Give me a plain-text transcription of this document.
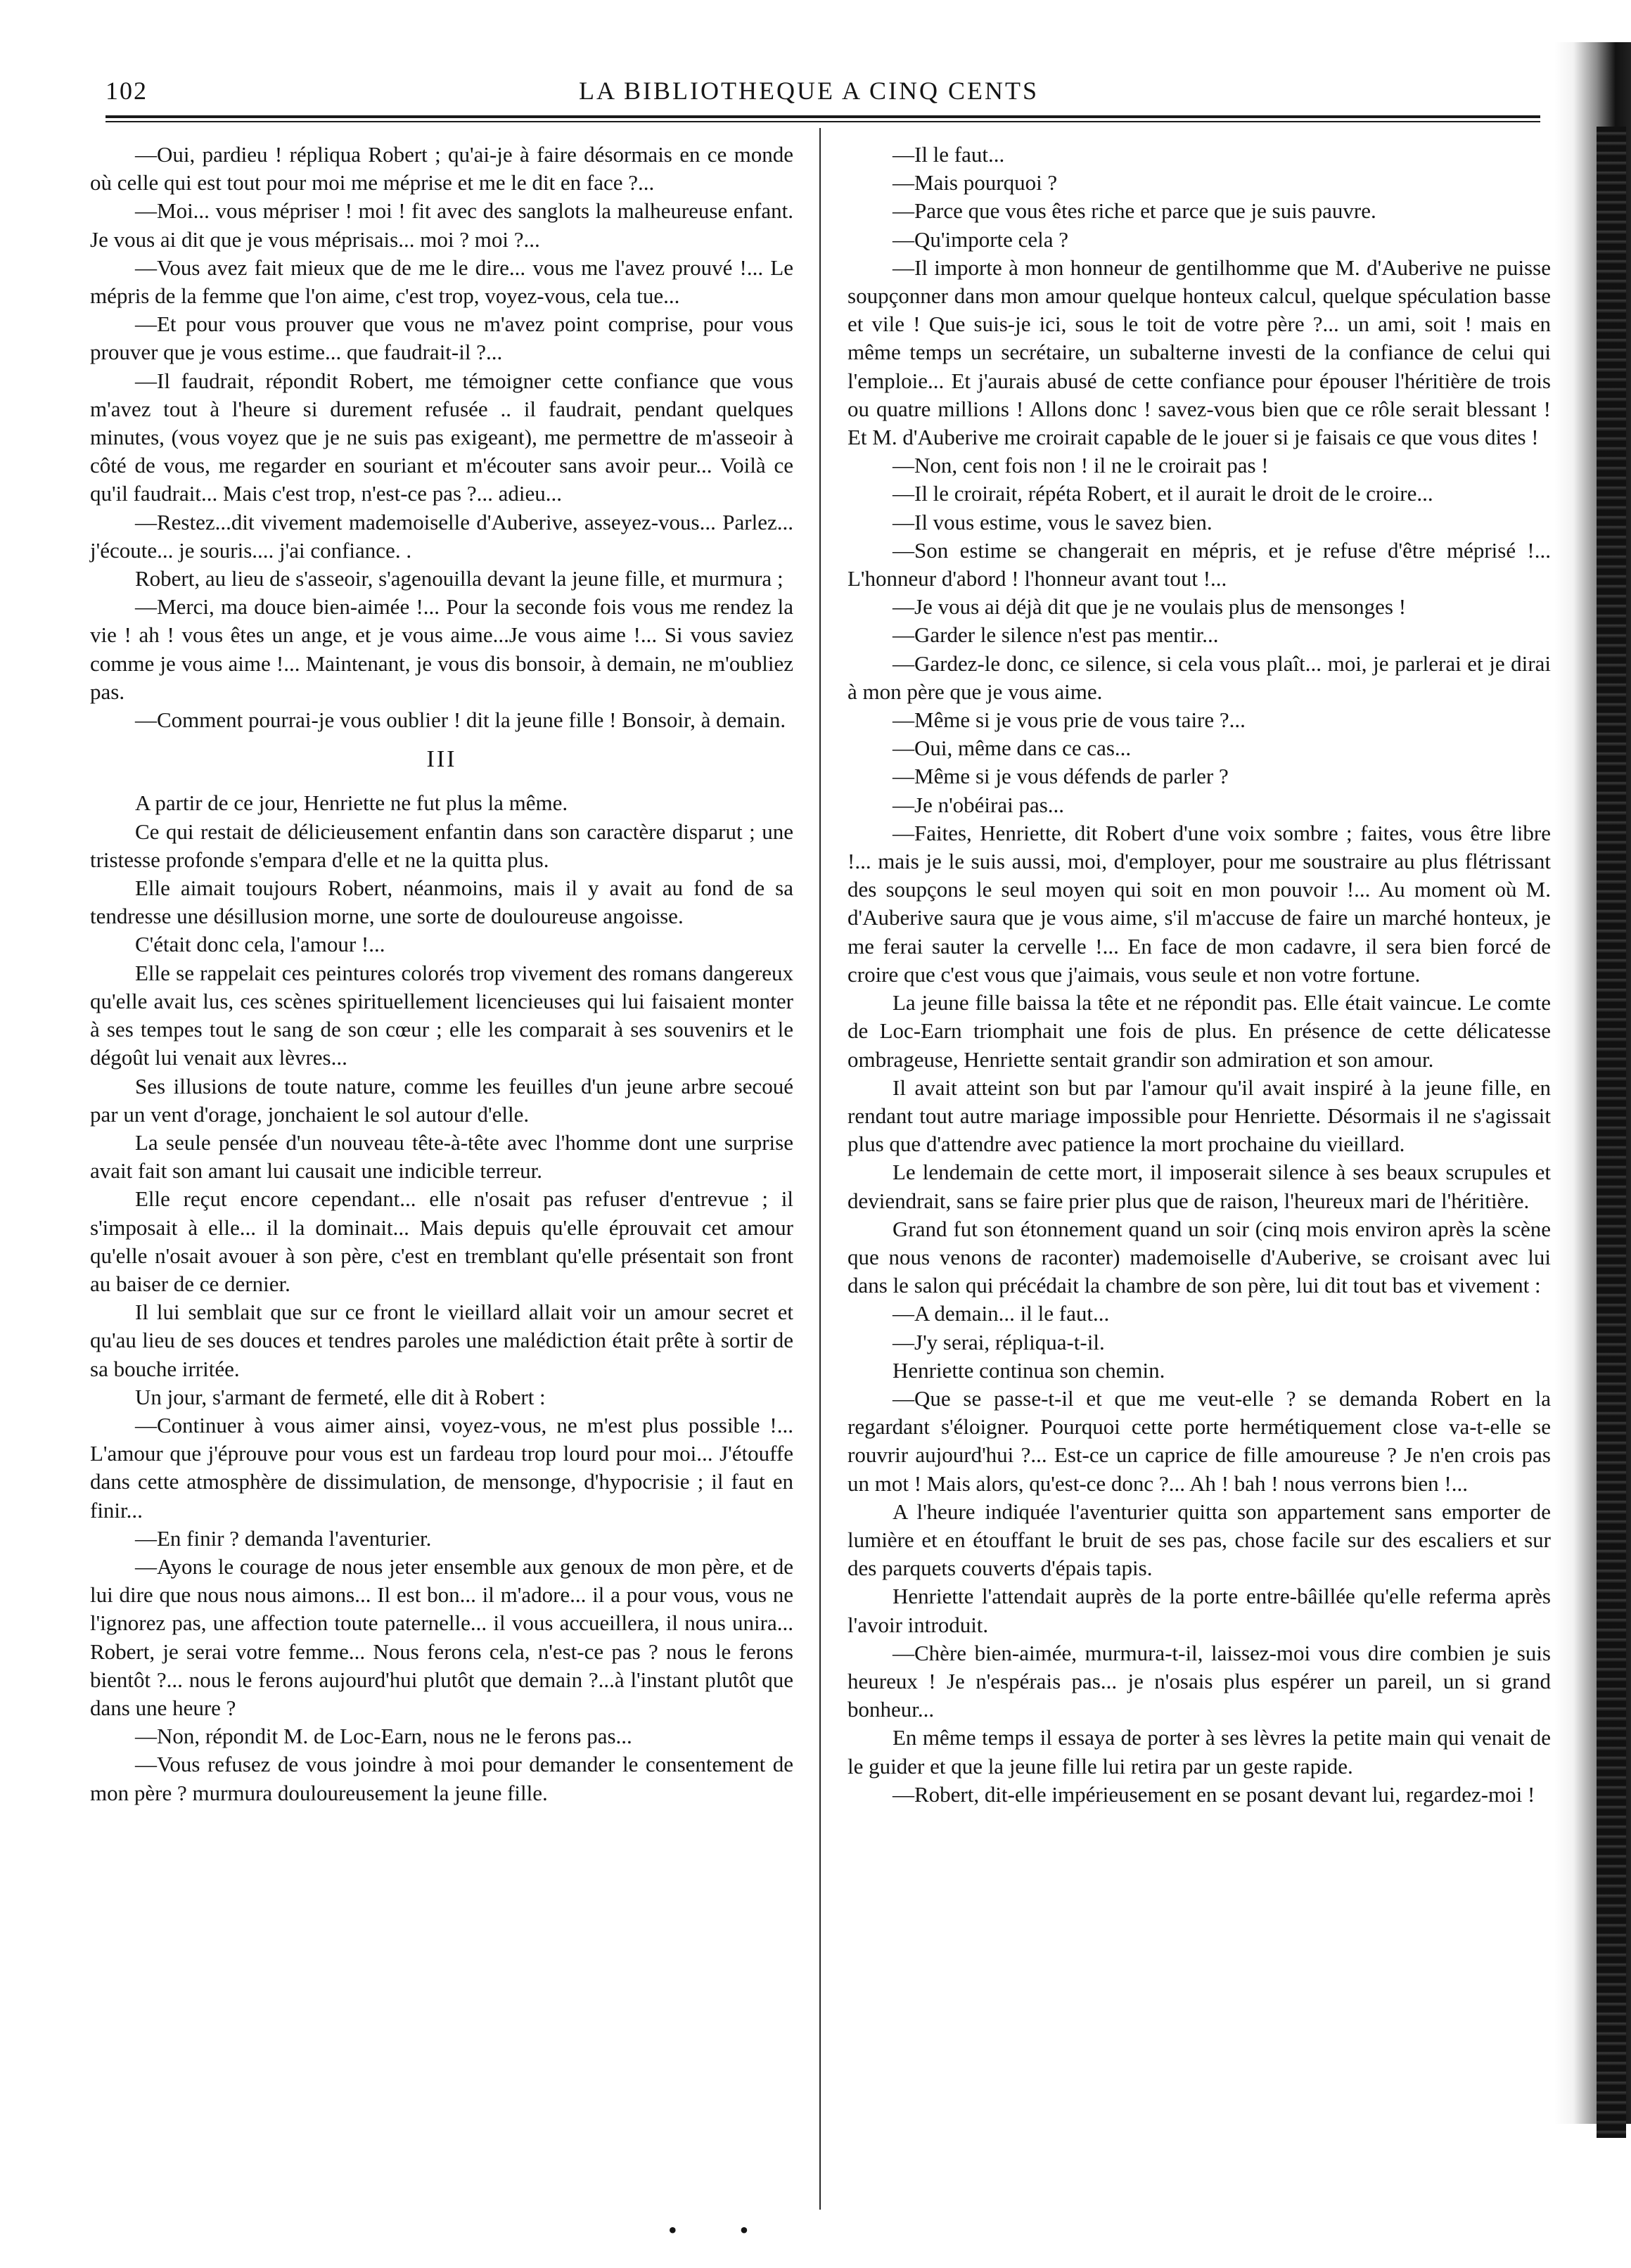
LA BIBLIOTHEQUE A CINQ CENTS
102

—Oui, pardieu ! répliqua Robert ; qu'ai-je à faire désormais en ce monde où celle qui est tout pour moi me méprise et me le dit en face ?...

—Moi... vous mépriser ! moi ! fit avec des sanglots la malheureuse enfant. Je vous ai dit que je vous méprisais... moi ? moi ?...

—Vous avez fait mieux que de me le dire... vous me l'avez prouvé !... Le mépris de la femme que l'on aime, c'est trop, voyez-vous, cela tue...

—Et pour vous prouver que vous ne m'avez point comprise, pour vous prouver que je vous estime... que faudrait-il ?...

—Il faudrait, répondit Robert, me témoigner cette confiance que vous m'avez tout à l'heure si durement refusée .. il faudrait, pendant quelques minutes, (vous voyez que je ne suis pas exigeant), me permettre de m'asseoir à côté de vous, me regarder en souriant et m'écouter sans avoir peur... Voilà ce qu'il faudrait... Mais c'est trop, n'est-ce pas ?... adieu...

—Restez...dit vivement mademoiselle d'Auberive, asseyez-vous... Parlez... j'écoute... je souris.... j'ai confiance. .

Robert, au lieu de s'asseoir, s'agenouilla devant la jeune fille, et murmura ;

—Merci, ma douce bien-aimée !... Pour la seconde fois vous me rendez la vie ! ah ! vous êtes un ange, et je vous aime...Je vous aime !... Si vous saviez comme je vous aime !... Maintenant, je vous dis bonsoir, à demain, ne m'oubliez pas.

—Comment pourrai-je vous oublier ! dit la jeune fille ! Bonsoir, à demain.

III

A partir de ce jour, Henriette ne fut plus la même.

Ce qui restait de délicieusement enfantin dans son caractère disparut ; une tristesse profonde s'empara d'elle et ne la quitta plus.

Elle aimait toujours Robert, néanmoins, mais il y avait au fond de sa tendresse une désillusion morne, une sorte de douloureuse angoisse.

C'était donc cela, l'amour !...

Elle se rappelait ces peintures colorés trop vivement des romans dangereux qu'elle avait lus, ces scènes spirituellement licencieuses qui lui faisaient monter à ses tempes tout le sang de son cœur ; elle les comparait à ses souvenirs et le dégoût lui venait aux lèvres...

Ses illusions de toute nature, comme les feuilles d'un jeune arbre secoué par un vent d'orage, jonchaient le sol autour d'elle.

La seule pensée d'un nouveau tête-à-tête avec l'homme dont une surprise avait fait son amant lui causait une indicible terreur.

Elle reçut encore cependant... elle n'osait pas refuser d'entrevue ; il s'imposait à elle... il la dominait... Mais depuis qu'elle éprouvait cet amour qu'elle n'osait avouer à son père, c'est en tremblant qu'elle présentait son front au baiser de ce dernier.

Il lui semblait que sur ce front le vieillard allait voir un amour secret et qu'au lieu de ses douces et tendres paroles une malédiction était prête à sortir de sa bouche irritée.

Un jour, s'armant de fermeté, elle dit à Robert :

—Continuer à vous aimer ainsi, voyez-vous, ne m'est plus possible !... L'amour que j'éprouve pour vous est un fardeau trop lourd pour moi... J'étouffe dans cette atmosphère de dissimulation, de mensonge, d'hypocrisie ; il faut en finir...

—En finir ? demanda l'aventurier.

—Ayons le courage de nous jeter ensemble aux genoux de mon père, et de lui dire que nous nous aimons... Il est bon... il m'adore... il a pour vous, vous ne l'ignorez pas, une affection toute paternelle... il vous accueillera, il nous unira... Robert, je serai votre femme... Nous ferons cela, n'est-ce pas ? nous le ferons bientôt ?... nous le ferons aujourd'hui plutôt que demain ?...à l'instant plutôt que dans une heure ?

—Non, répondit M. de Loc-Earn, nous ne le ferons pas...

—Vous refusez de vous joindre à moi pour demander le consentement de mon père ? murmura douloureusement la jeune fille.

—Il le faut...

—Mais pourquoi ?

—Parce que vous êtes riche et parce que je suis pauvre.

—Qu'importe cela ?

—Il importe à mon honneur de gentilhomme que M. d'Auberive ne puisse soupçonner dans mon amour quelque honteux calcul, quelque spéculation basse et vile ! Que suis-je ici, sous le toit de votre père ?... un ami, soit ! mais en même temps un secrétaire, un subalterne investi de la confiance de celui qui l'emploie... Et j'aurais abusé de cette confiance pour épouser l'héritière de trois ou quatre millions ! Allons donc ! savez-vous bien que ce rôle serait blessant ! Et M. d'Auberive me croirait capable de le jouer si je faisais ce que vous dites !

—Non, cent fois non ! il ne le croirait pas !

—Il le croirait, répéta Robert, et il aurait le droit de le croire...

—Il vous estime, vous le savez bien.

—Son estime se changerait en mépris, et je refuse d'être méprisé !... L'honneur d'abord ! l'honneur avant tout !...

—Je vous ai déjà dit que je ne voulais plus de mensonges !

—Garder le silence n'est pas mentir...

—Gardez-le donc, ce silence, si cela vous plaît... moi, je parlerai et je dirai à mon père que je vous aime.

—Même si je vous prie de vous taire ?...

—Oui, même dans ce cas...

—Même si je vous défends de parler ?

—Je n'obéirai pas...

—Faites, Henriette, dit Robert d'une voix sombre ; faites, vous être libre !... mais je le suis aussi, moi, d'employer, pour me soustraire au plus flétrissant des soupçons le seul moyen qui soit en mon pouvoir !... Au moment où M. d'Auberive saura que je vous aime, s'il m'accuse de faire un marché honteux, je me ferai sauter la cervelle !... En face de mon cadavre, il sera bien forcé de croire que c'est vous que j'aimais, vous seule et non votre fortune.

La jeune fille baissa la tête et ne répondit pas. Elle était vaincue. Le comte de Loc-Earn triomphait une fois de plus. En présence de cette délicatesse ombrageuse, Henriette sentait grandir son admiration et son amour.

Il avait atteint son but par l'amour qu'il avait inspiré à la jeune fille, en rendant tout autre mariage impossible pour Henriette. Désormais il ne s'agissait plus que d'attendre avec patience la mort prochaine du vieillard.

Le lendemain de cette mort, il imposerait silence à ses beaux scrupules et deviendrait, sans se faire prier plus que de raison, l'heureux mari de l'héritière.

Grand fut son étonnement quand un soir (cinq mois environ après la scène que nous venons de raconter) mademoiselle d'Auberive, se croisant avec lui dans le salon qui précédait la chambre de son père, lui dit tout bas et vivement :

—A demain... il le faut...

—J'y serai, répliqua-t-il.

Henriette continua son chemin.

—Que se passe-t-il et que me veut-elle ? se demanda Robert en la regardant s'éloigner. Pourquoi cette porte hermétiquement close va-t-elle se rouvrir aujourd'hui ?... Est-ce un caprice de fille amoureuse ? Je n'en crois pas un mot ! Mais alors, qu'est-ce donc ?... Ah ! bah ! nous verrons bien !...

A l'heure indiquée l'aventurier quitta son appartement sans emporter de lumière et en étouffant le bruit de ses pas, chose facile sur des escaliers et sur des parquets couverts d'épais tapis.

Henriette l'attendait auprès de la porte entre-bâillée qu'elle referma après l'avoir introduit.

—Chère bien-aimée, murmura-t-il, laissez-moi vous dire combien je suis heureux ! Je n'espérais pas... je n'osais plus espérer un pareil, un si grand bonheur...

En même temps il essaya de porter à ses lèvres la petite main qui venait de le guider et que la jeune fille lui retira par un geste rapide.

—Robert, dit-elle impérieusement en se posant devant lui, regardez-moi !

• •
